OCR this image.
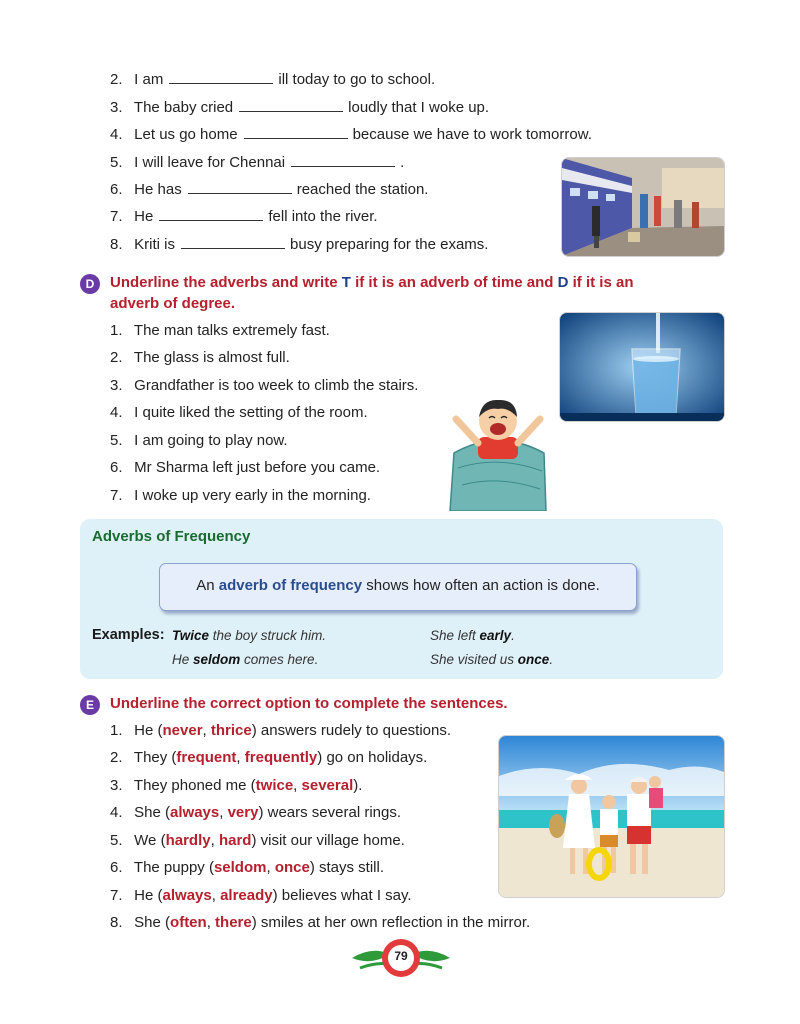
2. I am	ill today to go to school.
3. The baby cried	loudly that I woke up.
4. Let us go home	because we have to work tomorrow.
5. I will leave for Chennai	.
6. He has	reached the station.
7. He	fell into the river.
8. Kriti is	busy preparing for the exams.
D	Underline the adverbs and write T if it is an adverb of time and D if it is an
adverb of degree.
1. The man talks extremely fast.
2. The glass is almost full.
3. Grandfather is too week to climb the stairs.
4. I quite liked the setting of the room.
5. I am going to play now.
6. Mr Sharma left just before you came.
7. I woke up very early in the morning.
Adverbs of Frequency
An adverb of frequency shows how often an action is done.
Examples: Twice the boy struck him.	She left early.
He seldom comes here.	She visited us once.
E	Underline the correct option to complete the sentences.
1. He (never, thrice) answers rudely to questions.
2. They (frequent, frequently) go on holidays.
3. They phoned me (twice, several).
4. She (always, very) wears several rings.
5. We (hardly, hard) visit our village home.
6. The puppy (seldom, once) stays still.
7. He (always, already) believes what I say.
8. She (often, there) smiles at her own reflection in the mirror.
79
